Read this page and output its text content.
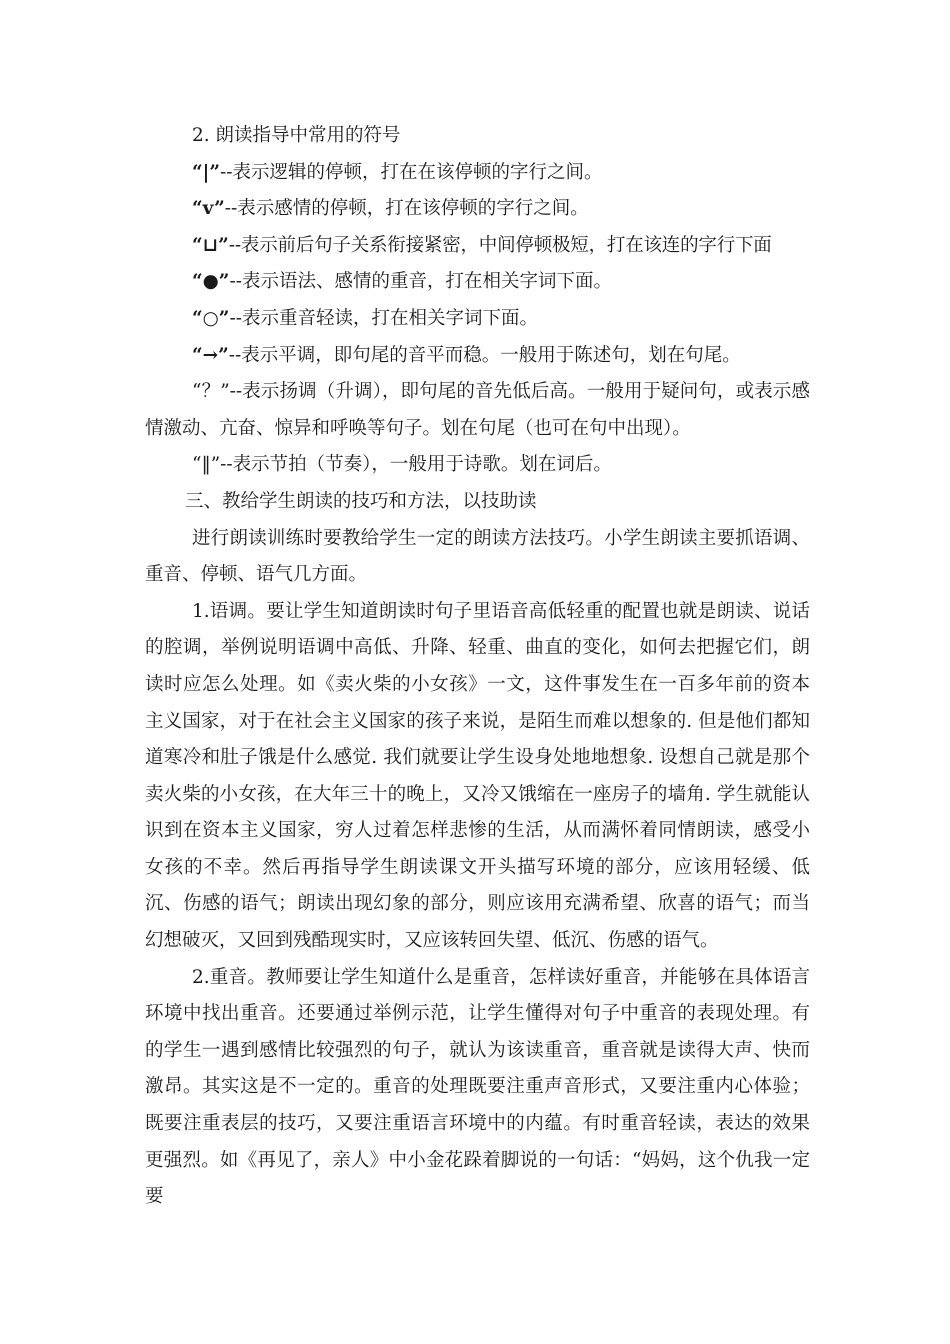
2. 朗读指导中常用的符号

“|”--表示逻辑的停顿，打在在该停顿的字行之间。

“v”--表示感情的停顿，打在该停顿的字行之间。

“⊔”--表示前后句子关系衔接紧密，中间停顿极短，打在该连的字行下面

“●”--表示语法、感情的重音，打在相关字词下面。

“○”--表示重音轻读，打在相关字词下面。

“→”--表示平调，即句尾的音平而稳。一般用于陈述句，划在句尾。

“？”--表示扬调（升调），即句尾的音先低后高。一般用于疑问句，或表示感情激动、亢奋、惊异和呼唤等句子。划在句尾（也可在句中出现）。

“‖”--表示节拍（节奏），一般用于诗歌。划在词后。

三、教给学生朗读的技巧和方法，以技助读

进行朗读训练时要教给学生一定的朗读方法技巧。小学生朗读主要抓语调、重音、停顿、语气几方面。

1.语调。要让学生知道朗读时句子里语音高低轻重的配置也就是朗读、说话的腔调，举例说明语调中高低、升降、轻重、曲直的变化，如何去把握它们，朗读时应怎么处理。如《卖火柴的小女孩》一文，这件事发生在一百多年前的资本主义国家，对于在社会主义国家的孩子来说，是陌生而难以想象的. 但是他们都知道寒冷和肚子饿是什么感觉. 我们就要让学生设身处地地想象. 设想自己就是那个卖火柴的小女孩，在大年三十的晚上，又冷又饿缩在一座房子的墙角. 学生就能认识到在资本主义国家，穷人过着怎样悲惨的生活，从而满怀着同情朗读，感受小女孩的不幸。然后再指导学生朗读课文开头描写环境的部分，应该用轻缓、低沉、伤感的语气；朗读出现幻象的部分，则应该用充满希望、欣喜的语气；而当幻想破灭，又回到残酷现实时，又应该转回失望、低沉、伤感的语气。

2.重音。教师要让学生知道什么是重音，怎样读好重音，并能够在具体语言环境中找出重音。还要通过举例示范，让学生懂得对句子中重音的表现处理。有的学生一遇到感情比较强烈的句子，就认为该读重音，重音就是读得大声、快而激昂。其实这是不一定的。重音的处理既要注重声音形式，又要注重内心体验；既要注重表层的技巧，又要注重语言环境中的内蕴。有时重音轻读，表达的效果更强烈。如《再见了，亲人》中小金花跺着脚说的一句话：“妈妈，这个仇我一定要
